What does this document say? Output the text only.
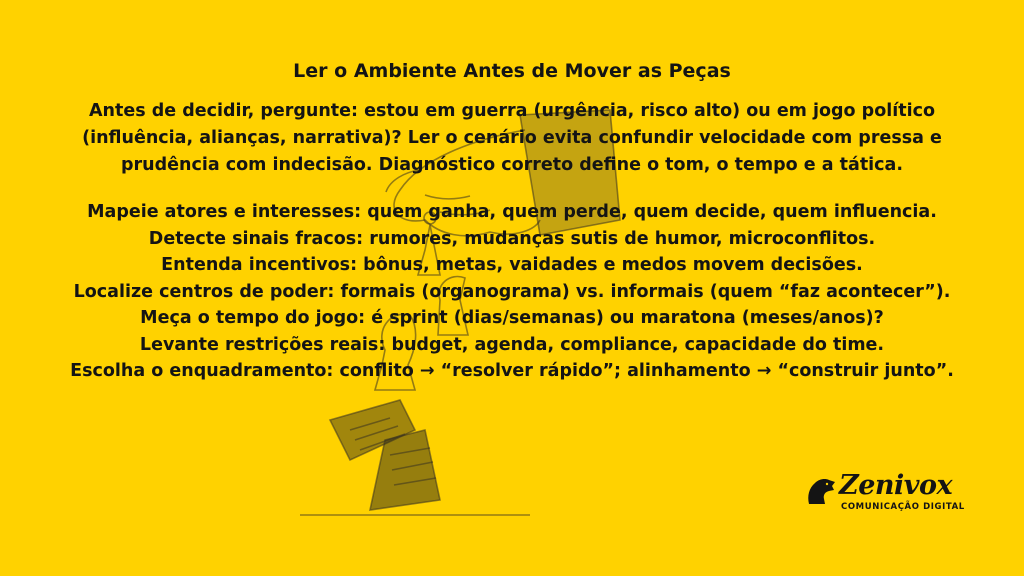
Ler o Ambiente Antes de Mover as Peças

Antes de decidir, pergunte: estou em guerra (urgência, risco alto) ou em jogo político (influência, alianças, narrativa)? Ler o cenário evita confundir velocidade com pressa e prudência com indecisão. Diagnóstico correto define o tom, o tempo e a tática.

Mapeie atores e interesses: quem ganha, quem perde, quem decide, quem influencia.
Detecte sinais fracos: rumores, mudanças sutis de humor, microconflitos.
Entenda incentivos: bônus, metas, vaidades e medos movem decisões.
Localize centros de poder: formais (organograma) vs. informais (quem “faz acontecer”).
Meça o tempo do jogo: é sprint (dias/semanas) ou maratona (meses/anos)?
Levante restrições reais: budget, agenda, compliance, capacidade do time.
Escolha o enquadramento: conflito → “resolver rápido”; alinhamento → “construir junto”.
Zenivox
COMUNICAÇÃO DIGITAL
